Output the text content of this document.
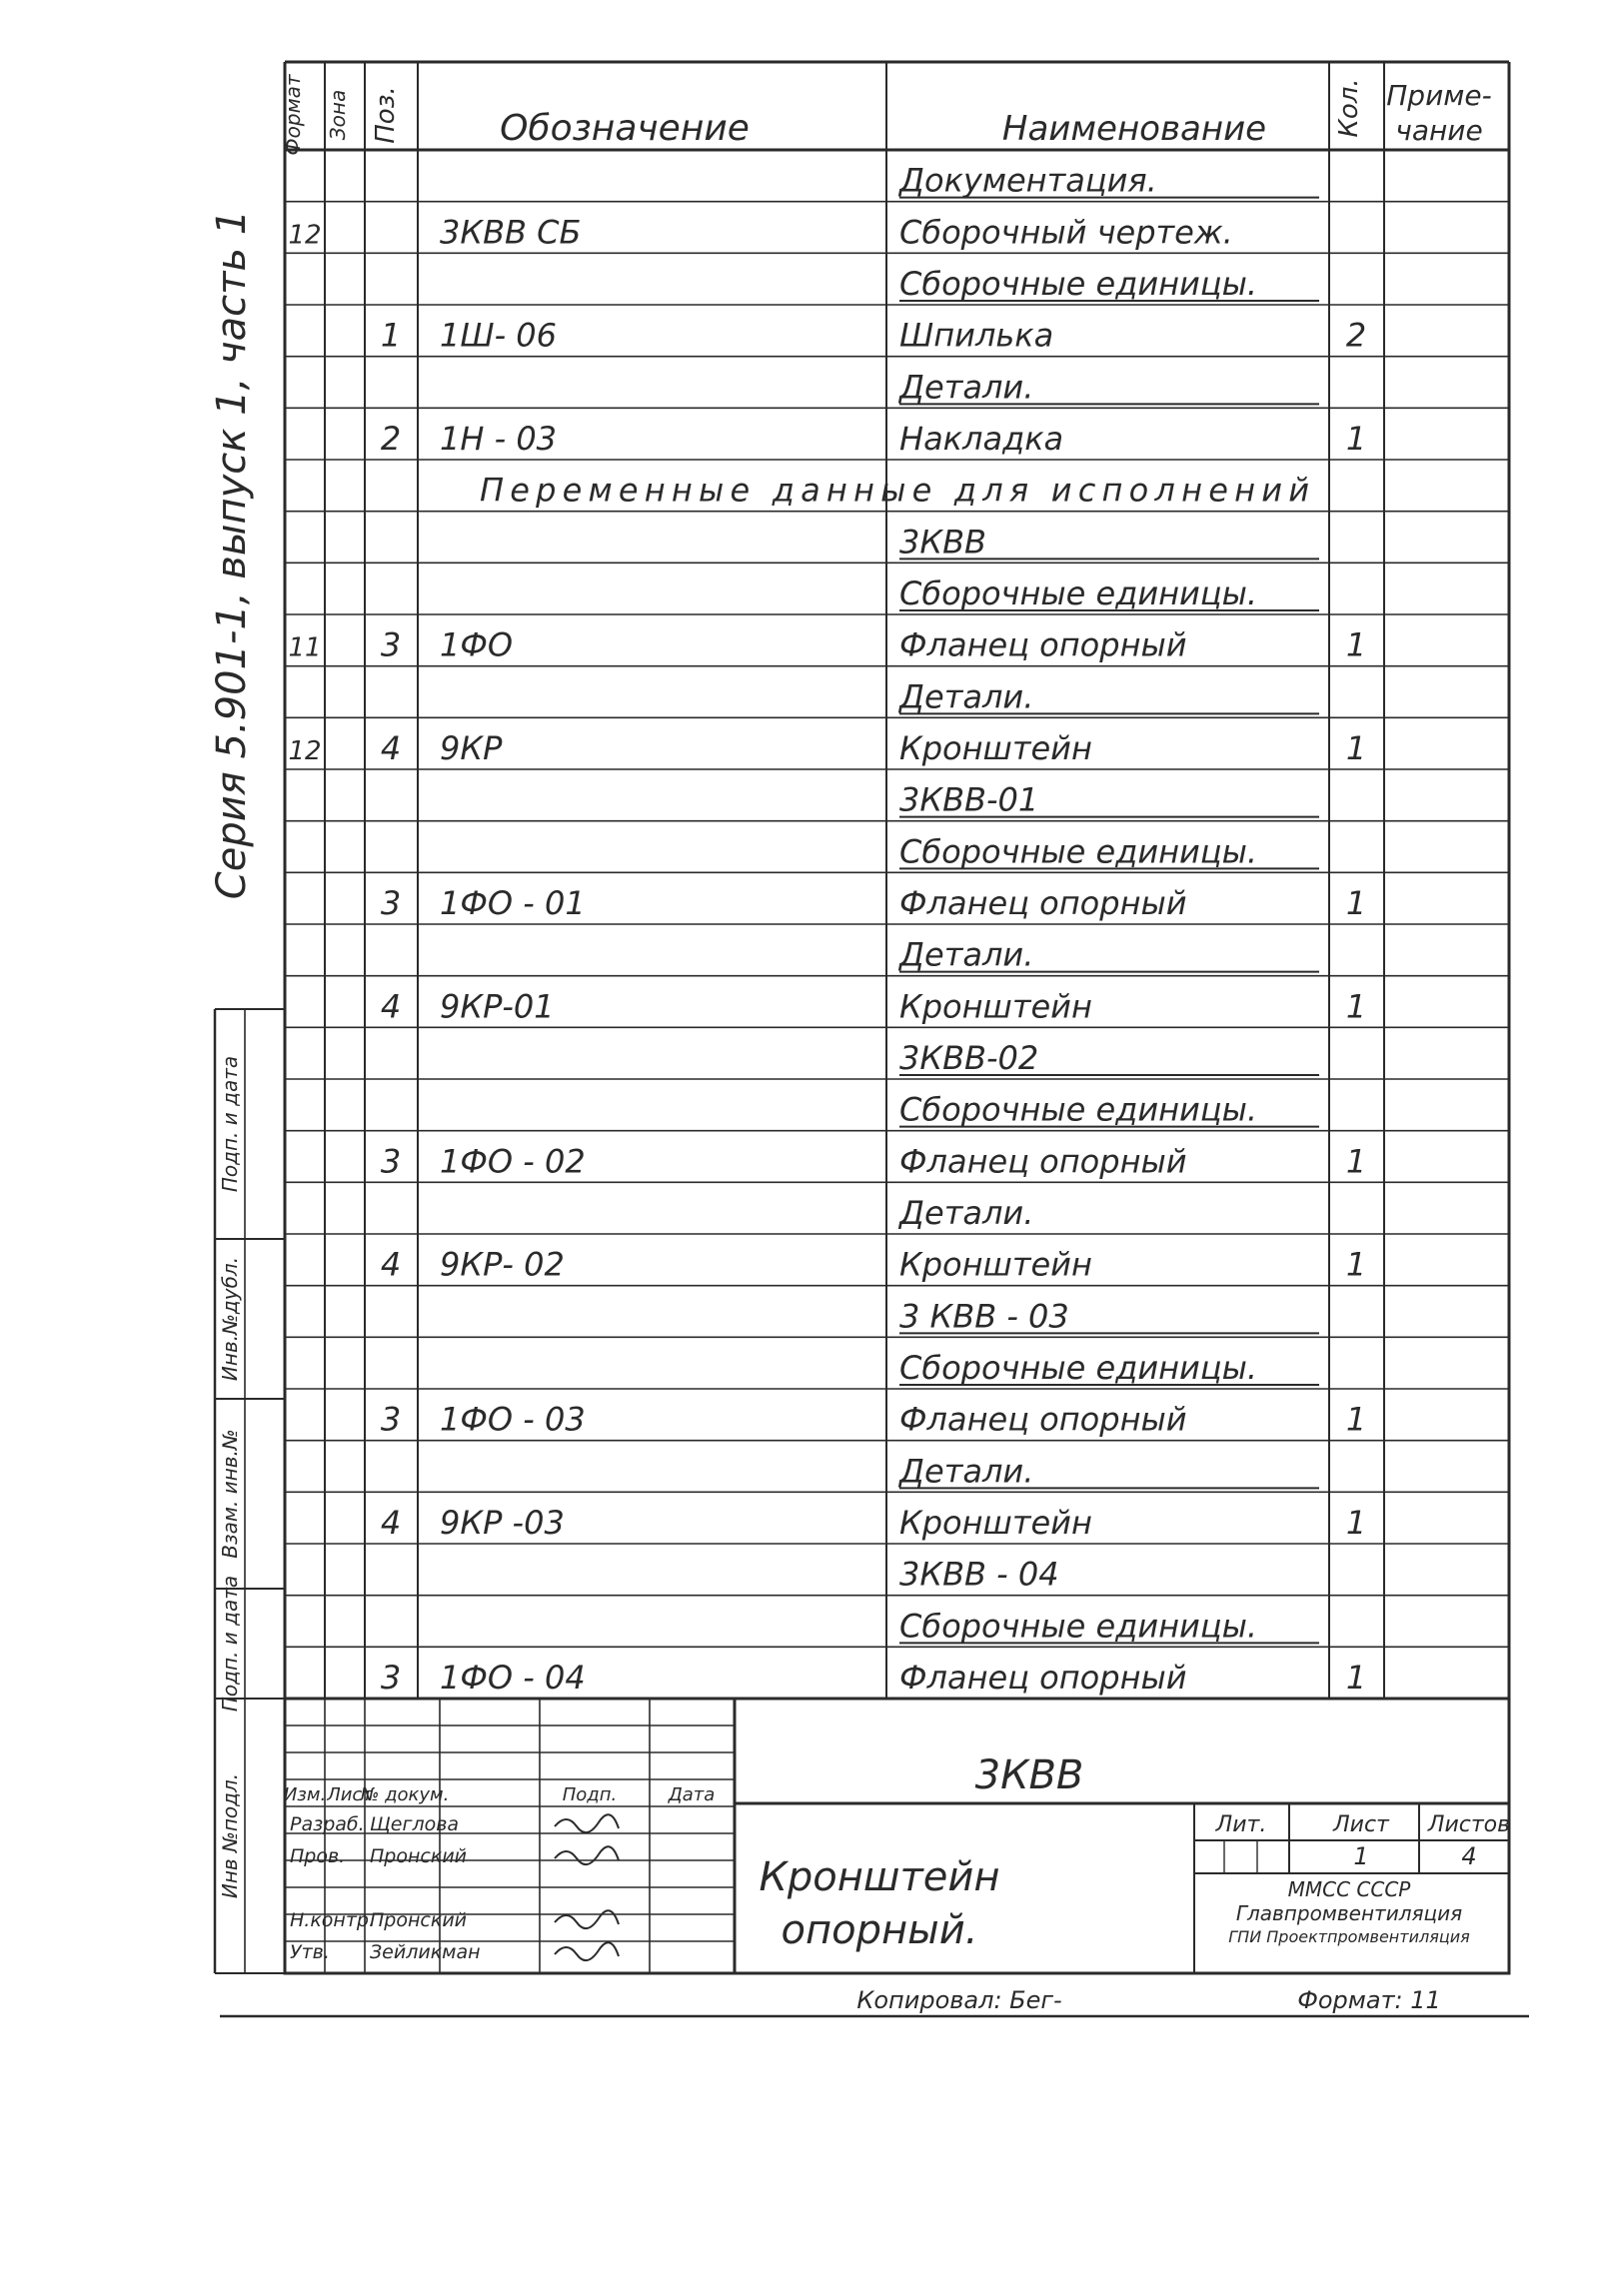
Серия 5.901-1, выпуск 1, часть 1
Инв №подл.
Подп. и дата
Взам. инв.№
Инв.№дубл.
Подп. и дата
Формат Зона Поз.	Обозначение	Наименование	Кол. Приме-
чание
Документация.
12	3КВВ СБ	Сборочный чертеж.
Сборочные единицы.
1 1Ш- 06	Шпилька	2
Детали.
2 1Н - 03	Накладка	1
Переменные данные для исполнений
3КВВ
Сборочные единицы.
11 3 1ФО	Фланец опорный	1
Детали.
12 4 9КР	Кронштейн	1
3КВВ-01
Сборочные единицы.
3 1ФО - 01	Фланец опорный	1
Детали.
4 9КР-01	Кронштейн	1
3КВВ-02
Сборочные единицы.
3 1ФО - 02	Фланец опорный	1
Детали.
4 9КР- 02	Кронштейн	1
3 КВВ - 03
Сборочные единицы.
3 1ФО - 03	Фланец опорный	1
Детали.
4 9КР -03	Кронштейн	1
3КВВ - 04
Сборочные единицы.
3 1ФО - 04	Фланец опорный	1
3КВВ
Кронштейн
опорный.
Лит.	Лист Листов
1	4
ММСС СССР
Главпромвентиляция
ГПИ Проектпромвентиляция
Изм. Лист
№ докум.	Подп.	Дата
Разраб. Щеглова
Пров. Пронский
Н.контр.
Пронский
Утв. Зейликман
Копировал: Бег-	Формат: 11
